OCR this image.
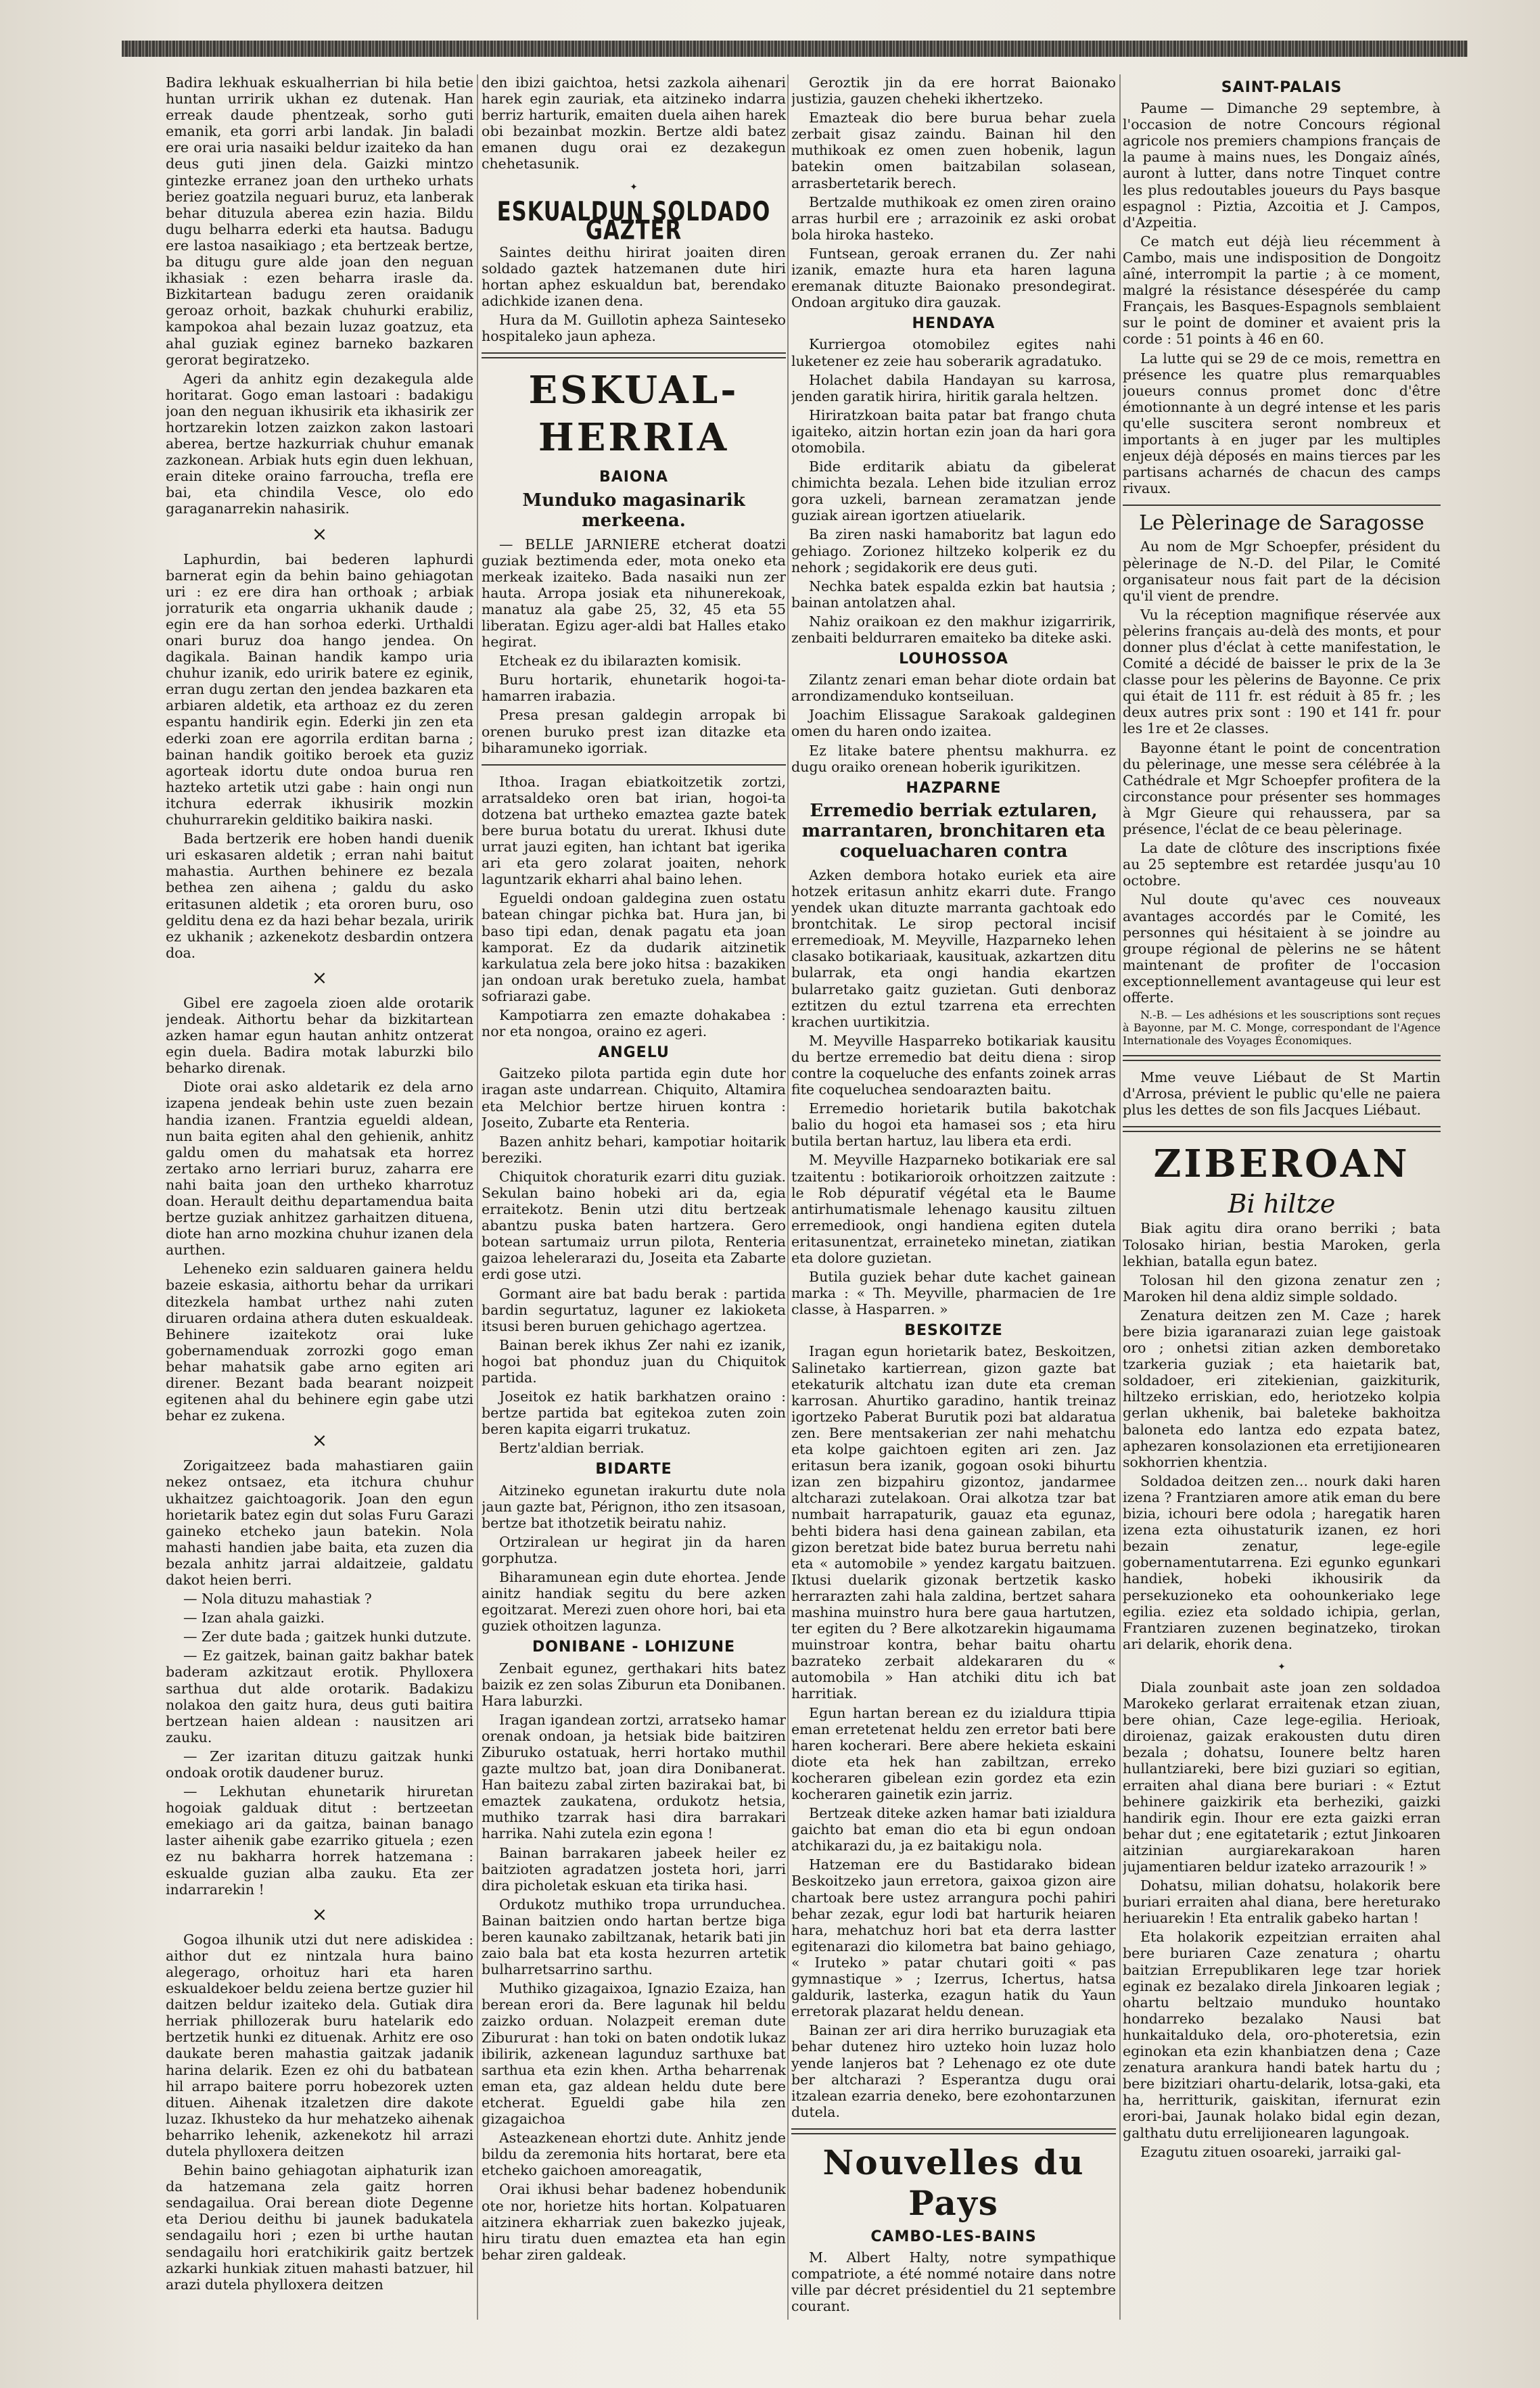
Badira lekhuak eskualherrian bi hila betie huntan urririk ukhan ez dutenak. Han erreak daude phentzeak, sorho guti emanik, eta gorri arbi landak. Jin baladi ere orai uria nasaiki beldur izaiteko da han deus guti jinen dela. Gaizki mintzo gintezke erranez joan den urtheko urhats beriez goatzila neguari buruz, eta lanberak behar dituzula aberea ezin hazia. Bildu dugu belharra ederki eta hautsa. Badugu ere lastoa nasaikiago ; eta bertzeak bertze, ba ditugu gure alde joan den neguan ikhasiak : ezen beharra irasle da. Bizkitartean badugu zeren oraidanik geroaz orhoit, bazkak chuhurki erabiliz, kampokoa ahal bezain luzaz goatzuz, eta ahal guziak eginez barneko bazkaren gerorat begiratzeko.

Ageri da anhitz egin dezakegula alde horitarat. Gogo eman lastoari : badakigu joan den neguan ikhusirik eta ikhasirik zer hortzarekin lotzen zaizkon zakon lastoari aberea, bertze hazkurriak chuhur emanak zazkonean. Arbiak huts egin duen lekhuan, erain diteke oraino farroucha, trefla ere bai, eta chindila Vesce, olo edo garaganarrekin nahasirik.

×

Laphurdin, bai bederen laphurdi barnerat egin da behin baino gehiagotan uri : ez ere dira han orthoak ; arbiak jorraturik eta ongarria ukhanik daude ; egin ere da han sorhoa ederki. Urthaldi onari buruz doa hango jendea. On dagikala. Bainan handik kampo uria chuhur izanik, edo uririk batere ez eginik, erran dugu zertan den jendea bazkaren eta arbiaren aldetik, eta arthoaz ez du zeren espantu handirik egin. Ederki jin zen eta ederki zoan ere agorrila erditan barna ; bainan handik goitiko beroek eta guziz agorteak idortu dute ondoa burua ren hazteko artetik utzi gabe : hain ongi nun itchura ederrak ikhusirik mozkin chuhurrarekin gelditiko baikira naski.

Bada bertzerik ere hoben handi duenik uri eskasaren aldetik ; erran nahi baitut mahastia. Aurthen behinere ez bezala bethea zen aihena ; galdu du asko eritasunen aldetik ; eta ororen buru, oso gelditu dena ez da hazi behar bezala, uririk ez ukhanik ; azkenekotz desbardin ontzera doa.

×

Gibel ere zagoela zioen alde orotarik jendeak. Aithortu behar da bizkitartean azken hamar egun hautan anhitz ontzerat egin duela. Badira motak laburzki bilo beharko direnak.

Diote orai asko aldetarik ez dela arno izapena jendeak behin uste zuen bezain handia izanen. Frantzia egueldi aldean, nun baita egiten ahal den gehienik, anhitz galdu omen du mahatsak eta horrez zertako arno lerriari buruz, zaharra ere nahi baita joan den urtheko kharrotuz doan. Herault deithu departamendua baita bertze guziak anhitzez garhaitzen dituena, diote han arno mozkina chuhur izanen dela aurthen.

Leheneko ezin salduaren gainera heldu bazeie eskasia, aithortu behar da urrikari ditezkela hambat urthez nahi zuten diruaren ordaina athera duten eskualdeak. Behinere izaitekotz orai luke gobernamenduak zorrozki gogo eman behar mahatsik gabe arno egiten ari direner. Bezant bada bearant noizpeit egitenen ahal du behinere egin gabe utzi behar ez zukena.

×

Zorigaitzeez bada mahastiaren gaiin nekez ontsaez, eta itchura chuhur ukhaitzez gaichtoagorik. Joan den egun horietarik batez egin dut solas Furu Garazi gaineko etcheko jaun batekin. Nola mahasti handien jabe baita, eta zuzen dia bezala anhitz jarrai aldaitzeie, galdatu dakot heien berri.

— Nola dituzu mahastiak ?

— Izan ahala gaizki.

— Zer dute bada ; gaitzek hunki dutzute.

— Ez gaitzek, bainan gaitz bakhar batek baderam azkitzaut erotik. Phylloxera sarthua dut alde orotarik. Badakizu nolakoa den gaitz hura, deus guti baitira bertzean haien aldean : nausitzen ari zauku.

— Zer izaritan dituzu gaitzak hunki ondoak orotik daudener buruz.

— Lekhutan ehunetarik hiruretan hogoiak galduak ditut : bertzeetan emekiago ari da gaitza, bainan banago laster aihenik gabe ezarriko gituela ; ezen ez nu bakharra horrek hatzemana : eskualde guzian alba zauku. Eta zer indarrarekin !

×

Gogoa ilhunik utzi dut nere adiskidea : aithor dut ez nintzala hura baino alegerago, orhoituz hari eta haren eskualdekoer beldu zeiena bertze guzier hil daitzen beldur izaiteko dela. Gutiak dira herriak phillozerak buru hatelarik edo bertzetik hunki ez dituenak. Arhitz ere oso daukate beren mahastia gaitzak jadanik harina delarik. Ezen ez ohi du batbatean hil arrapo baitere porru hobezorek uzten dituen. Aihenak itzaletzen dire dakote luzaz. Ikhusteko da hur mehatzeko aihenak beharriko lehenik, azkenekotz hil arrazi dutela phylloxera deitzen

Behin baino gehiagotan aiphaturik izan da hatzemana zela gaitz horren sendagailua. Orai berean diote Degenne eta Deriou deithu bi jaunek badukatela sendagailu hori ; ezen bi urthe hautan sendagailu hori eratchikirik gaitz bertzek azkarki hunkiak zituen mahasti batzuer, hil arazi dutela phylloxera deitzen

den ibizi gaichtoa, hetsi zazkola aihenari harek egin zauriak, eta aitzineko indarra berriz harturik, emaiten duela aihen harek obi bezainbat mozkin. Bertze aldi batez emanen dugu orai ez dezakegun chehetasunik.

✦
ESKUALDUN SOLDADO GAZTER

Saintes deithu hirirat joaiten diren soldado gaztek hatzemanen dute hiri hortan aphez eskualdun bat, berendako adichkide izanen dena.

Hura da M. Guillotin apheza Sainteseko hospitaleko jaun apheza.

ESKUAL-HERRIA
BAIONA
Munduko magasinarik merkeena.

— BELLE JARNIERE etcherat doatzi guziak beztimenda eder, mota oneko eta merkeak izaiteko. Bada nasaiki nun zer hauta. Arropa josiak eta nihunerekoak, manatuz ala gabe 25, 32, 45 eta 55 liberatan. Egizu ager-aldi bat Halles etako hegirat.

Etcheak ez du ibilarazten komisik.

Buru hortarik, ehunetarik hogoi-ta-hamarren irabazia.

Presa presan galdegin arropak bi orenen buruko prest izan ditazke eta biharamuneko igorriak.

Ithoa. Iragan ebiatkoitzetik zortzi, arratsaldeko oren bat irian, hogoi-ta dotzena bat urtheko emaztea gazte batek bere burua botatu du urerat. Ikhusi dute urrat jauzi egiten, han ichtant bat igerika ari eta gero zolarat joaiten, nehork laguntzarik ekharri ahal baino lehen.

Egueldi ondoan galdegina zuen ostatu batean chingar pichka bat. Hura jan, bi baso tipi edan, denak pagatu eta joan kamporat. Ez da dudarik aitzinetik karkulatua zela bere joko hitsa : bazakiken jan ondoan urak beretuko zuela, hambat sofriarazi gabe.

Kampotiarra zen emazte dohakabea : nor eta nongoa, oraino ez ageri.

ANGELU

Gaitzeko pilota partida egin dute hor iragan aste undarrean. Chiquito, Altamira eta Melchior bertze hiruen kontra : Joseito, Zubarte eta Renteria.

Bazen anhitz behari, kampotiar hoitarik bereziki.

Chiquitok choraturik ezarri ditu guziak. Sekulan baino hobeki ari da, egia erraitekotz. Benin utzi ditu bertzeak abantzu puska baten hartzera. Gero botean sartumaiz urrun pilota, Renteria gaizoa lehelerarazi du, Joseita eta Zabarte erdi gose utzi.

Gormant aire bat badu berak : partida bardin segurtatuz, laguner ez lakioketa itsusi beren buruen gehichago agertzea.

Bainan berek ikhus Zer nahi ez izanik, hogoi bat phonduz juan du Chiquitok partida.

Joseitok ez hatik barkhatzen oraino : bertze partida bat egitekoa zuten zoin beren kapita eigarri trukatuz.

Bertz'aldian berriak.

BIDARTE

Aitzineko egunetan irakurtu dute nola jaun gazte bat, Pérignon, itho zen itsasoan, bertze bat ithotzetik beiratu nahiz.

Ortziralean ur hegirat jin da haren gorphutza.

Biharamunean egin dute ehortea. Jende ainitz handiak segitu du bere azken egoitzarat. Merezi zuen ohore hori, bai eta guziek othoitzen lagunza.

DONIBANE - LOHIZUNE

Zenbait egunez, gerthakari hits batez baizik ez zen solas Ziburun eta Donibanen. Hara laburzki.

Iragan igandean zortzi, arratseko hamar orenak ondoan, ja hetsiak bide baitziren Ziburuko ostatuak, herri hortako muthil gazte multzo bat, joan dira Donibanerat. Han baitezu zabal zirten bazirakai bat, bi emaztek zaukatena, ordukotz hetsia, muthiko tzarrak hasi dira barrakari harrika. Nahi zutela ezin egona !

Bainan barrakaren jabeek heiler ez baitzioten agradatzen josteta hori, jarri dira picholetak eskuan eta tirika hasi.

Ordukotz muthiko tropa urrunduchea. Bainan baitzien ondo hartan bertze biga beren kaunako zabiltzanak, hetarik bati jin zaio bala bat eta kosta hezurren artetik bulharretsarrino sarthu.

Muthiko gizagaixoa, Ignazio Ezaiza, han berean erori da. Bere lagunak hil beldu zaizko orduan. Nolazpeit ereman dute Zibururat : han toki on baten ondotik lukaz ibilirik, azkenean lagunduz sarthuxe bat sarthua eta ezin khen. Artha beharrenak eman eta, gaz aldean heldu dute bere etcherat. Egueldi gabe hila zen gizagaichoa

Asteazkenean ehortzi dute. Anhitz jende bildu da zeremonia hits hortarat, bere eta etcheko gaichoen amoreagatik,

Orai ikhusi behar badenez hobendunik ote nor, horietze hits hortan. Kolpatuaren aitzinera ekharriak zuen bakezko jujeak, hiru tiratu duen emaztea eta han egin behar ziren galdeak.

Geroztik jin da ere horrat Baionako justizia, gauzen cheheki ikhertzeko.

Emazteak dio bere burua behar zuela zerbait gisaz zaindu. Bainan hil den muthikoak ez omen zuen hobenik, lagun batekin omen baitzabilan solasean, arrasbertetarik berech.

Bertzalde muthikoak ez omen ziren oraino arras hurbil ere ; arrazoinik ez aski orobat bola hiroka hasteko.

Funtsean, geroak erranen du. Zer nahi izanik, emazte hura eta haren laguna eremanak dituzte Baionako presondegirat. Ondoan argituko dira gauzak.

HENDAYA

Kurriergoa otomobilez egites nahi luketener ez zeie hau soberarik agradatuko.

Holachet dabila Handayan su karrosa, jenden garatik hirira, hiritik garala heltzen.

Hiriratzkoan baita patar bat frango chuta igaiteko, aitzin hortan ezin joan da hari gora otomobila.

Bide erditarik abiatu da gibelerat chimichta bezala. Lehen bide itzulian erroz gora uzkeli, barnean zeramatzan jende guziak airean igortzen atiuelarik.

Ba ziren naski hamaboritz bat lagun edo gehiago. Zorionez hiltzeko kolperik ez du nehork ; segidakorik ere deus guti.

Nechka batek espalda ezkin bat hautsia ; bainan antolatzen ahal.

Nahiz oraikoan ez den makhur izigarririk, zenbaiti beldurraren emaiteko ba diteke aski.

LOUHOSSOA

Zilantz zenari eman behar diote ordain bat arrondizamenduko kontseiluan.

Joachim Elissague Sarakoak galdeginen omen du haren ondo izaitea.

Ez litake batere phentsu makhurra. ez dugu oraiko orenean hoberik igurikitzen.

HAZPARNE
Erremedio berriak eztularen, marrantaren, bronchitaren eta coqueluacharen contra

Azken dembora hotako euriek eta aire hotzek eritasun anhitz ekarri dute. Frango yendek ukan dituzte marranta gachtoak edo brontchitak. Le sirop pectoral incisif erremedioak, M. Meyville, Hazparneko lehen clasako botikariaak, kausituak, azkartzen ditu bularrak, eta ongi handia ekartzen bularretako gaitz guzietan. Guti denboraz eztitzen du eztul tzarrena eta errechten krachen uurtikitzia.

M. Meyville Hasparreko botikariak kausitu du bertze erremedio bat deitu diena : sirop contre la coqueluche des enfants zoinek arras fite coqueluchea sendoarazten baitu.

Erremedio horietarik butila bakotchak balio du hogoi eta hamasei sos ; eta hiru butila bertan hartuz, lau libera eta erdi.

M. Meyville Hazparneko botikariak ere sal tzaitentu : botikarioroik orhoitzzen zaitzute : le Rob dépuratif végétal eta le Baume antirhumatismale lehenago kausitu ziltuen erremediook, ongi handiena egiten dutela eritasunentzat, erraineteko minetan, ziatikan eta dolore guzietan.

Butila guziek behar dute kachet gainean marka : « Th. Meyville, pharmacien de 1re classe, à Hasparren. »

BESKOITZE

Iragan egun horietarik batez, Beskoitzen, Salinetako kartierrean, gizon gazte bat etekaturik altchatu izan dute eta creman karrosan. Ahurtiko garadino, hantik treinaz igortzeko Paberat Burutik pozi bat aldaratua zen. Bere mentsakerian zer nahi mehatchu eta kolpe gaichtoen egiten ari zen. Jaz eritasun bera izanik, gogoan osoki bihurtu izan zen bizpahiru gizontoz, jandarmee altcharazi zutelakoan. Orai alkotza tzar bat numbait harrapaturik, gauaz eta egunaz, behti bidera hasi dena gainean zabilan, eta gizon beretzat bide batez burua berretu nahi eta « automobile » yendez kargatu baitzuen. Iktusi duelarik gizonak bertzetik kasko herrarazten zahi hala zaldina, bertzet sahara mashina muinstro hura bere gaua hartutzen, ter egiten du ? Bere alkotzarekin higaumama muinstroar kontra, behar baitu ohartu bazrateko zerbait aldekararen du « automobila » Han atchiki ditu ich bat harritiak.

Egun hartan berean ez du izialdura ttipia eman erretetenat heldu zen erretor bati bere haren kocherari. Bere abere hekieta eskaini diote eta hek han zabiltzan, erreko kocheraren gibelean ezin gordez eta ezin kocheraren gainetik ezin jarriz.

Bertzeak diteke azken hamar bati izialdura gaichto bat eman dio eta bi egun ondoan atchikarazi du, ja ez baitakigu nola.

Hatzeman ere du Bastidarako bidean Beskoitzeko jaun erretora, gaixoa gizon aire chartoak bere ustez arrangura pochi pahiri behar zezak, egur lodi bat harturik heiaren hara, mehatchuz hori bat eta derra lastter egitenarazi dio kilometra bat baino gehiago, « Iruteko » patar chutari goiti « pas gymnastique » ; Izerrus, Ichertus, hatsa galdurik, lasterka, ezagun hatik du Yaun erretorak plazarat heldu denean.

Bainan zer ari dira herriko buruzagiak eta behar dutenez hiro uzteko hoin luzaz holo yende lanjeros bat ? Lehenago ez ote dute ber altcharazi ? Esperantza dugu orai itzalean ezarria deneko, bere ezohontarzunen dutela.

Nouvelles du Pays
CAMBO-LES-BAINS

M. Albert Halty, notre sympathique compatriote, a été nommé notaire dans notre ville par décret présidentiel du 21 septembre courant.

SAINT-PALAIS

Paume — Dimanche 29 septembre, à l'occasion de notre Concours régional agricole nos premiers champions français de la paume à mains nues, les Dongaiz aînés, auront à lutter, dans notre Tinquet contre les plus redoutables joueurs du Pays basque espagnol : Piztia, Azcoitia et J. Campos, d'Azpeitia.

Ce match eut déjà lieu récemment à Cambo, mais une indisposition de Dongoitz aîné, interrompit la partie ; à ce moment, malgré la résistance désespérée du camp Français, les Basques-Espagnols semblaient sur le point de dominer et avaient pris la corde : 51 points à 46 en 60.

La lutte qui se 29 de ce mois, remettra en présence les quatre plus remarquables joueurs connus promet donc d'être émotionnante à un degré intense et les paris qu'elle suscitera seront nombreux et importants à en juger par les multiples enjeux déjà déposés en mains tierces par les partisans acharnés de chacun des camps rivaux.

Le Pèlerinage de Saragosse

Au nom de Mgr Schoepfer, président du pèlerinage de N.-D. del Pilar, le Comité organisateur nous fait part de la décision qu'il vient de prendre.

Vu la réception magnifique réservée aux pèlerins français au-delà des monts, et pour donner plus d'éclat à cette manifestation, le Comité a décidé de baisser le prix de la 3e classe pour les pèlerins de Bayonne. Ce prix qui était de 111 fr. est réduit à 85 fr. ; les deux autres prix sont : 190 et 141 fr. pour les 1re et 2e classes.

Bayonne étant le point de concentration du pèlerinage, une messe sera célébrée à la Cathédrale et Mgr Schoepfer profitera de la circonstance pour présenter ses hommages à Mgr Gieure qui rehaussera, par sa présence, l'éclat de ce beau pèlerinage.

La date de clôture des inscriptions fixée au 25 septembre est retardée jusqu'au 10 octobre.

Nul doute qu'avec ces nouveaux avantages accordés par le Comité, les personnes qui hésitaient à se joindre au groupe régional de pèlerins ne se hâtent maintenant de profiter de l'occasion exceptionnellement avantageuse qui leur est offerte.

N.-B. — Les adhésions et les souscriptions sont reçues à Bayonne, par M. C. Monge, correspondant de l'Agence Internationale des Voyages Économiques.

Mme veuve Liébaut de St Martin d'Arrosa, prévient le public qu'elle ne paiera plus les dettes de son fils Jacques Liébaut.

ZIBEROAN
Bi hiltze

Biak agitu dira orano berriki ; bata Tolosako hirian, bestia Maroken, gerla lekhian, batalla egun batez.

Tolosan hil den gizona zenatur zen ; Maroken hil dena aldiz simple soldado.

Zenatura deitzen zen M. Caze ; harek bere bizia igaranarazi zuian lege gaistoak oro ; onhetsi zitian azken demboretako tzarkeria guziak ; eta haietarik bat, soldadoer, eri zitekienian, gaizkiturik, hiltzeko erriskian, edo, heriotzeko kolpia gerlan ukhenik, bai baleteke bakhoitza baloneta edo lantza edo ezpata batez, aphezaren konsolazionen eta erretijionearen sokhorrien khentzia.

Soldadoa deitzen zen... nourk daki haren izena ? Frantziaren amore atik eman du bere bizia, ichouri bere odola ; haregatik haren izena ezta oihustaturik izanen, ez hori bezain zenatur, lege-egile gobernamentutarrena. Ezi egunko egunkari handiek, hobeki ikhousirik da persekuzioneko eta oohounkeriako lege egilia. eziez eta soldado ichipia, gerlan, Frantziaren zuzenen beginatzeko, tirokan ari delarik, ehorik dena.

✦

Diala zounbait aste joan zen soldadoa Marokeko gerlarat erraitenak etzan ziuan, bere ohian, Caze lege-egilia. Herioak, diroienaz, gaizak erakousten dutu diren bezala ; dohatsu, Iounere beltz haren hullantziareki, bere bizi guziari so egitian, erraiten ahal diana bere buriari : « Eztut behinere gaizkirik eta berheziki, gaizki handirik egin. Ihour ere ezta gaizki erran behar dut ; ene egitatetarik ; eztut Jinkoaren aitzinian aurgiarekarakoan haren jujamentiaren beldur izateko arrazourik ! »

Dohatsu, milian dohatsu, holakorik bere buriari erraiten ahal diana, bere hereturako heriuarekin ! Eta entralik gabeko hartan !

Eta holakorik ezpeitzian erraiten ahal bere buriaren Caze zenatura ; ohartu baitzian Errepublikaren lege tzar horiek eginak ez bezalako direla Jinkoaren legiak ; ohartu beltzaio munduko hountako hondarreko bezalako Nausi bat hunkaitalduko dela, oro-photeretsia, ezin eginokan eta ezin khanbiatzen dena ; Caze zenatura arankura handi batek hartu du ; bere bizitziari ohartu-delarik, lotsa-gaki, eta ha, herritturik, gaiskitan, ifernurat ezin erori-bai, Jaunak holako bidal egin dezan, galthatu dutu errelijionearen lagungoak.

Ezagutu zituen osoareki, jarraiki gal-
